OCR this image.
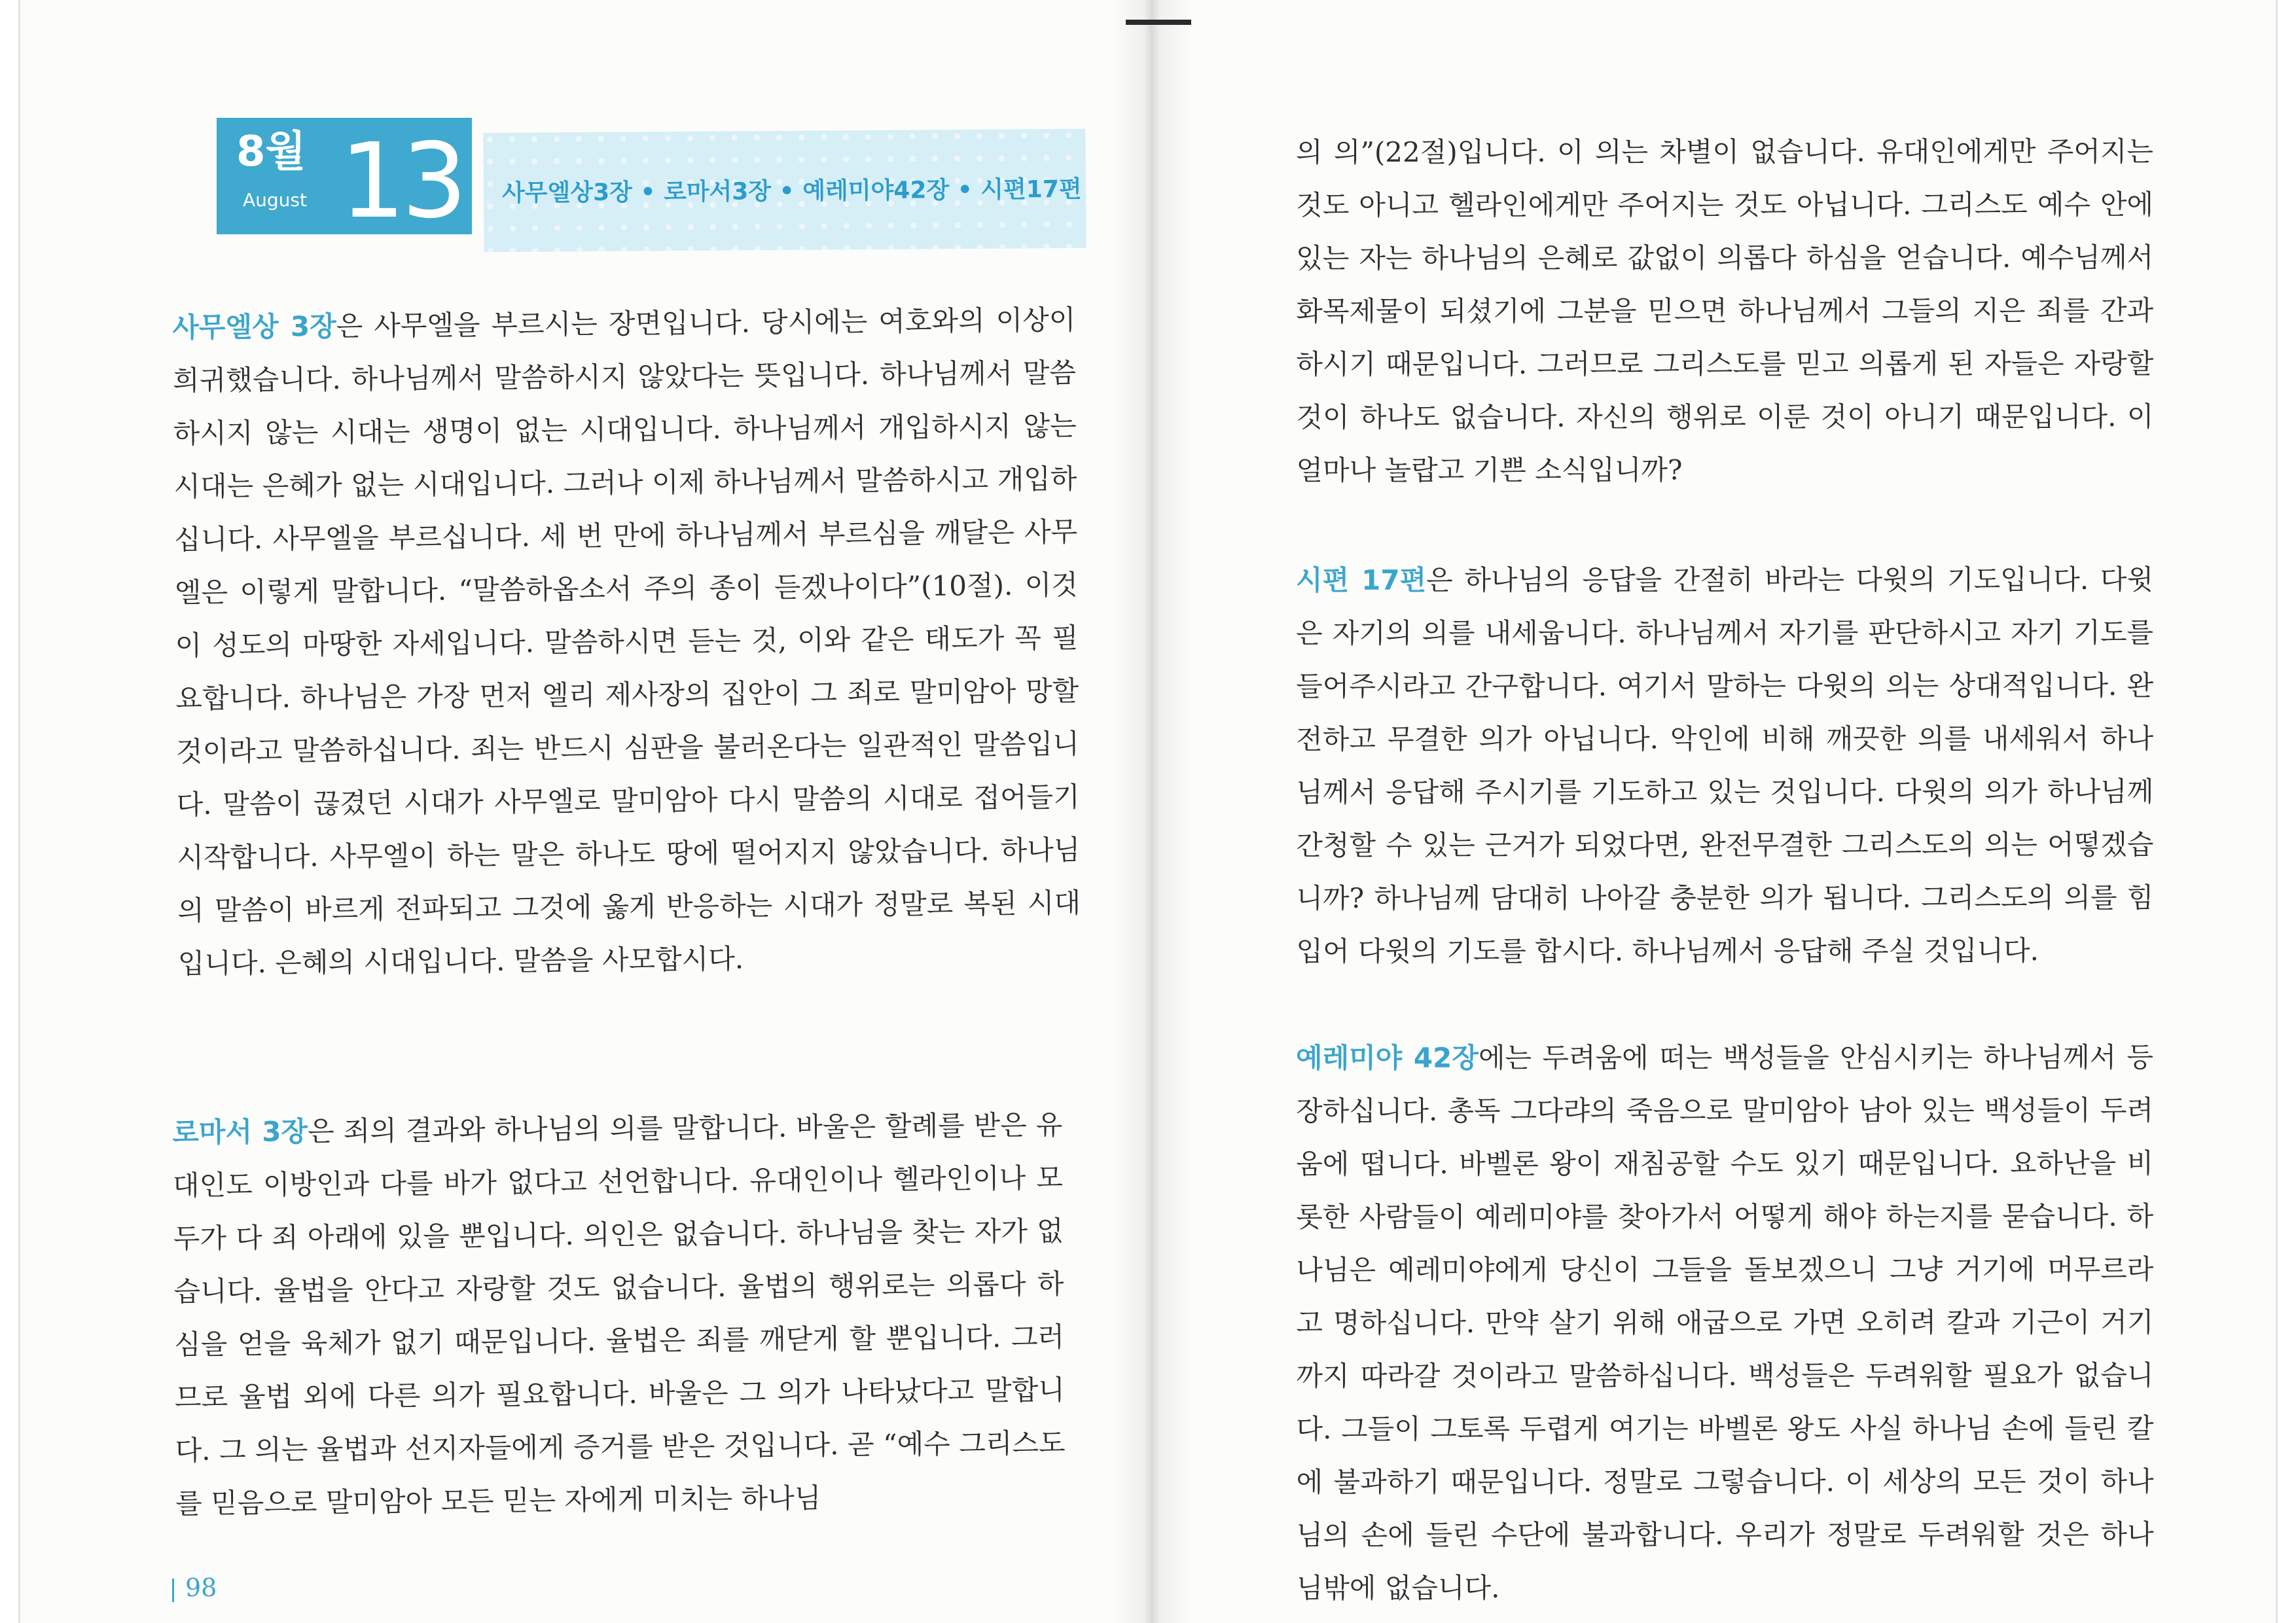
8월
August 13 사무엘상3장 • 로마서3장 • 예레미야42장 • 시편17편

사무엘상 3장은 사무엘을 부르시는 장면입니다. 당시에는 여호와의 이상이 희귀했습니다. 하나님께서 말씀하시지 않았다는 뜻입니다. 하나님께서 말씀하시지 않는 시대는 생명이 없는 시대입니다. 하나님께서 개입하시지 않는 시대는 은혜가 없는 시대입니다. 그러나 이제 하나님께서 말씀하시고 개입하십니다. 사무엘을 부르십니다. 세 번 만에 하나님께서 부르심을 깨달은 사무엘은 이렇게 말합니다. “말씀하옵소서 주의 종이 듣겠나이다”(10절). 이것이 성도의 마땅한 자세입니다. 말씀하시면 듣는 것, 이와 같은 태도가 꼭 필요합니다. 하나님은 가장 먼저 엘리 제사장의 집안이 그 죄로 말미암아 망할 것이라고 말씀하십니다. 죄는 반드시 심판을 불러온다는 일관적인 말씀입니다. 말씀이 끊겼던 시대가 사무엘로 말미암아 다시 말씀의 시대로 접어들기 시작합니다. 사무엘이 하는 말은 하나도 땅에 떨어지지 않았습니다. 하나님의 말씀이 바르게 전파되고 그것에 옳게 반응하는 시대가 정말로 복된 시대입니다. 은혜의 시대입니다. 말씀을 사모합시다.

로마서 3장은 죄의 결과와 하나님의 의를 말합니다. 바울은 할례를 받은 유대인도 이방인과 다를 바가 없다고 선언합니다. 유대인이나 헬라인이나 모두가 다 죄 아래에 있을 뿐입니다. 의인은 없습니다. 하나님을 찾는 자가 없습니다. 율법을 안다고 자랑할 것도 없습니다. 율법의 행위로는 의롭다 하심을 얻을 육체가 없기 때문입니다. 율법은 죄를 깨닫게 할 뿐입니다. 그러므로 율법 외에 다른 의가 필요합니다. 바울은 그 의가 나타났다고 말합니다. 그 의는 율법과 선지자들에게 증거를 받은 것입니다. 곧 “예수 그리스도를 믿음으로 말미암아 모든 믿는 자에게 미치는 하나님

98

의 의”(22절)입니다. 이 의는 차별이 없습니다. 유대인에게만 주어지는 것도 아니고 헬라인에게만 주어지는 것도 아닙니다. 그리스도 예수 안에 있는 자는 하나님의 은혜로 값없이 의롭다 하심을 얻습니다. 예수님께서 화목제물이 되셨기에 그분을 믿으면 하나님께서 그들의 지은 죄를 간과하시기 때문입니다. 그러므로 그리스도를 믿고 의롭게 된 자들은 자랑할 것이 하나도 없습니다. 자신의 행위로 이룬 것이 아니기 때문입니다. 이 얼마나 놀랍고 기쁜 소식입니까?

시편 17편은 하나님의 응답을 간절히 바라는 다윗의 기도입니다. 다윗은 자기의 의를 내세웁니다. 하나님께서 자기를 판단하시고 자기 기도를 들어주시라고 간구합니다. 여기서 말하는 다윗의 의는 상대적입니다. 완전하고 무결한 의가 아닙니다. 악인에 비해 깨끗한 의를 내세워서 하나님께서 응답해 주시기를 기도하고 있는 것입니다. 다윗의 의가 하나님께 간청할 수 있는 근거가 되었다면, 완전무결한 그리스도의 의는 어떻겠습니까? 하나님께 담대히 나아갈 충분한 의가 됩니다. 그리스도의 의를 힘입어 다윗의 기도를 합시다. 하나님께서 응답해 주실 것입니다.

예레미야 42장에는 두려움에 떠는 백성들을 안심시키는 하나님께서 등장하십니다. 총독 그다랴의 죽음으로 말미암아 남아 있는 백성들이 두려움에 떱니다. 바벨론 왕이 재침공할 수도 있기 때문입니다. 요하난을 비롯한 사람들이 예레미야를 찾아가서 어떻게 해야 하는지를 묻습니다. 하나님은 예레미야에게 당신이 그들을 돌보겠으니 그냥 거기에 머무르라고 명하십니다. 만약 살기 위해 애굽으로 가면 오히려 칼과 기근이 거기까지 따라갈 것이라고 말씀하십니다. 백성들은 두려워할 필요가 없습니다. 그들이 그토록 두렵게 여기는 바벨론 왕도 사실 하나님 손에 들린 칼에 불과하기 때문입니다. 정말로 그렇습니다. 이 세상의 모든 것이 하나님의 손에 들린 수단에 불과합니다. 우리가 정말로 두려워할 것은 하나님밖에 없습니다.
